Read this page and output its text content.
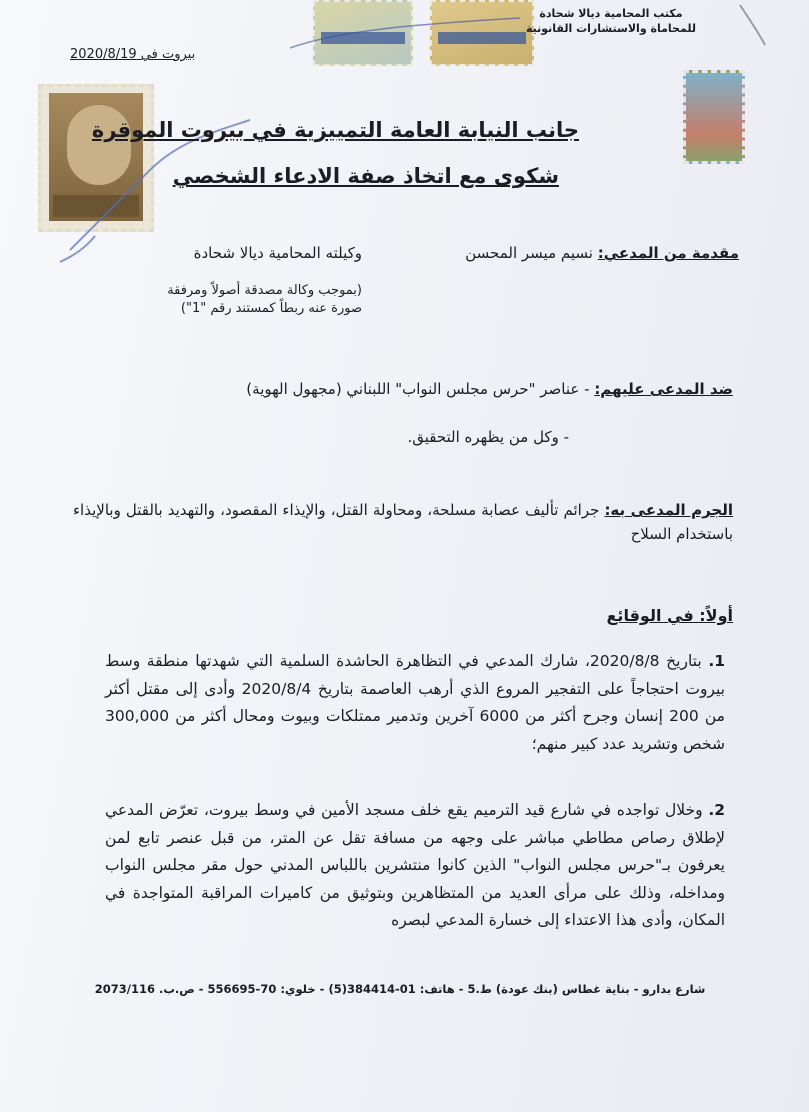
مكتب المحامية ديالا شحادة
للمحاماة والاستشارات القانونية
بيروت في 2020/8/19
جانب النيابة العامة التمييزية في بيروت الموقرة
شكوى مع اتخاذ صفة الادعاء الشخصي
مقدمة من المدعي: نسيم ميسر المحسن
وكيلته المحامية ديالا شحادة
(بموجب وكالة مصدقة أصولاً ومرفقة صورة عنه ربطاً كمستند رقم "1")
ضد المدعى عليهم: - عناصر "حرس مجلس النواب" اللبناني (مجهول الهوية)
- وكل من يظهره التحقيق.
الجرم المدعى به: جرائم تأليف عصابة مسلحة، ومحاولة القتل، والإيذاء المقصود، والتهديد بالقتل وبالإيذاء باستخدام السلاح
أولاً: في الوقائع
1. بتاريخ 2020/8/8، شارك المدعي في التظاهرة الحاشدة السلمية التي شهدتها منطقة وسط بيروت احتجاجاً على التفجير المروع الذي أرهب العاصمة بتاريخ 2020/8/4 وأدى إلى مقتل أكثر من 200 إنسان وجرح أكثر من 6000 آخرين وتدمير ممتلكات وبيوت ومحال أكثر من 300,000 شخص وتشريد عدد كبير منهم؛
2. وخلال تواجده في شارع قيد الترميم يقع خلف مسجد الأمين في وسط بيروت، تعرّض المدعي لإطلاق رصاص مطاطي مباشر على وجهه من مسافة تقل عن المتر، من قبل عنصر تابع لمن يعرفون بـ"حرس مجلس النواب" الذين كانوا منتشرين باللباس المدني حول مقر مجلس النواب ومداخله، وذلك على مرأى العديد من المتظاهرين وبتوثيق من كاميرات المراقبة المتواجدة في المكان، وأدى هذا الاعتداء إلى خسارة المدعي لبصره
شارع بدارو - بناية غطاس (بنك عودة) ط.5 - هاتف: 01-384414(5) - خلوي: 70-556695 - ص.ب. 2073/116
